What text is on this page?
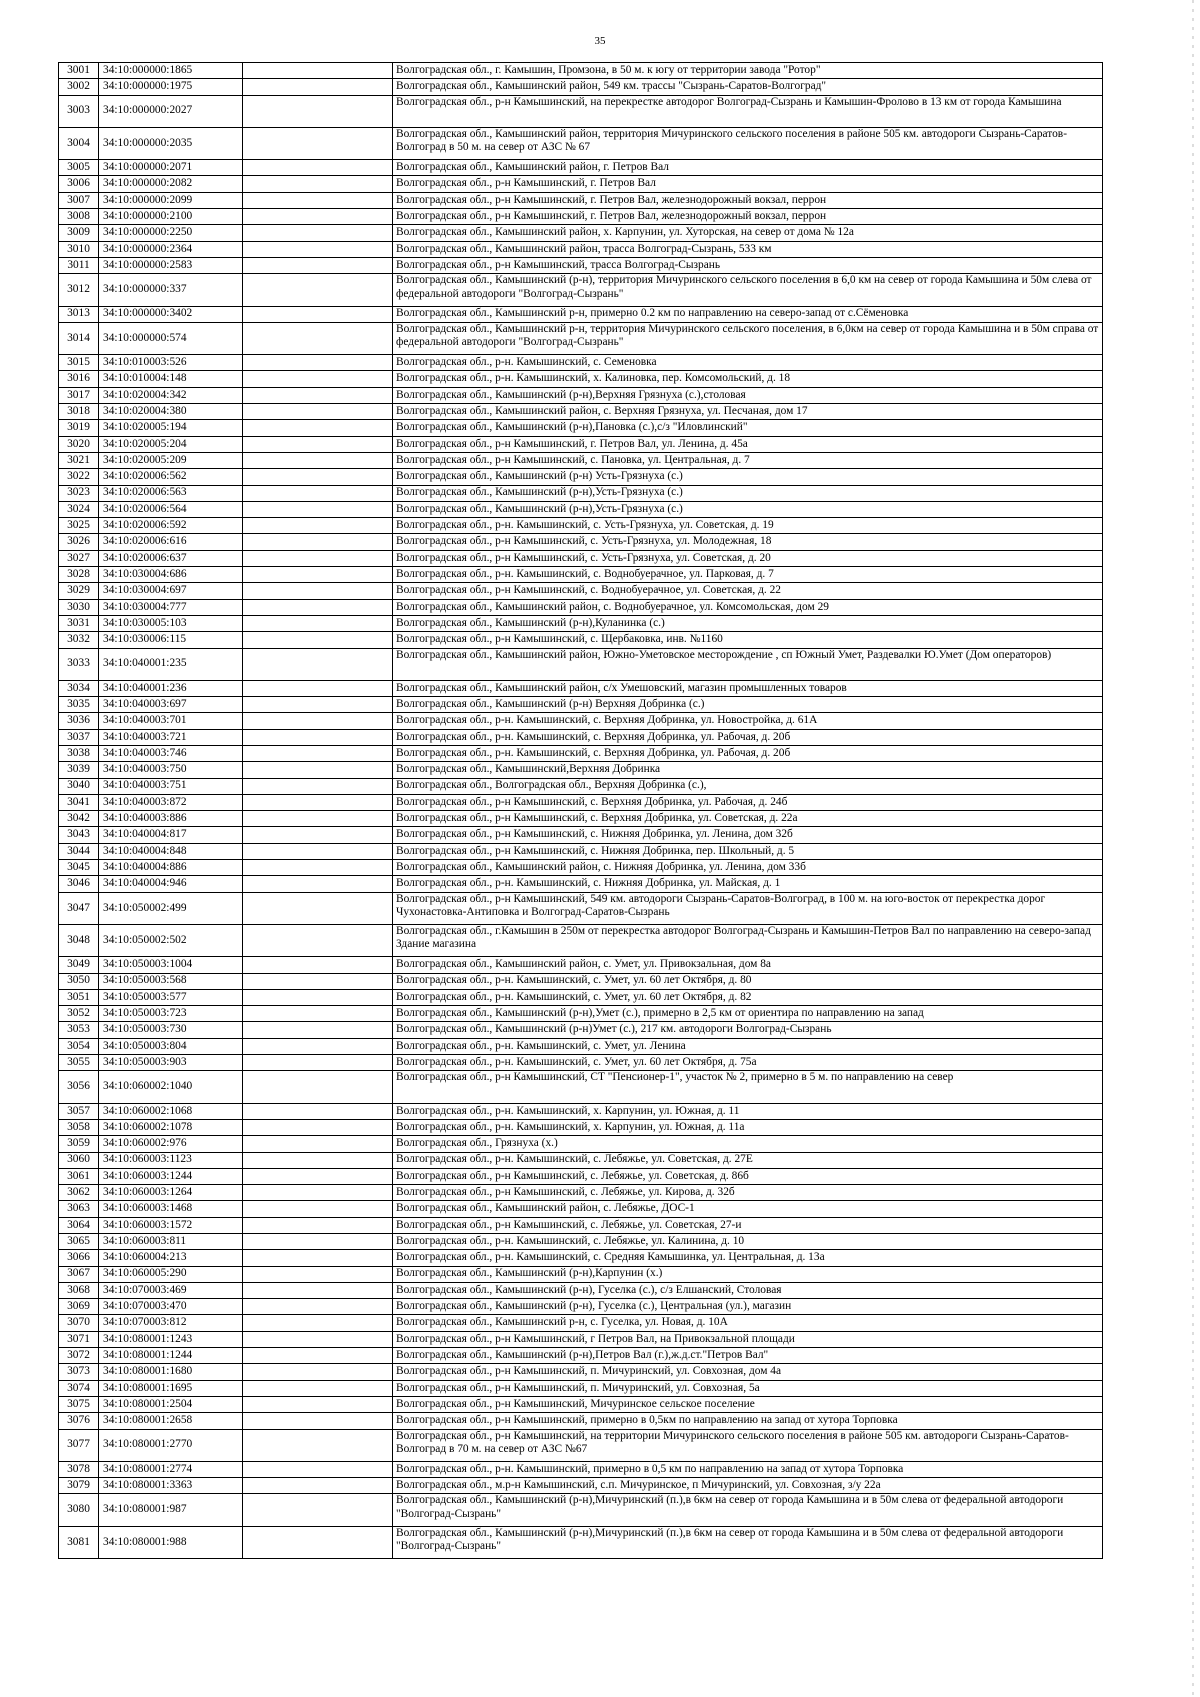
35
3001	34:10:000000:1865		Волгоградская обл., г. Камышин, Промзона, в 50 м. к югу от территории завода "Ротор"
3002	34:10:000000:1975		Волгоградская обл., Камышинский район, 549 км. трассы "Сызрань-Саратов-Волгоград"
3003	34:10:000000:2027		Волгоградская обл., р-н Камышинский, на перекрестке автодорог Волгоград-Сызрань и Камышин-Фролово в 13 км от города Камышина
3004	34:10:000000:2035		Волгоградская обл., Камышинский район, территория Мичуринского сельского поселения в районе 505 км. автодороги Сызрань-Саратов-Волгоград в 50 м. на север от АЗС № 67
3005	34:10:000000:2071		Волгоградская обл., Камышинский район, г. Петров Вал
3006	34:10:000000:2082		Волгоградская обл., р-н Камышинский, г. Петров Вал
3007	34:10:000000:2099		Волгоградская обл., р-н Камышинский, г. Петров Вал, железнодорожный вокзал, перрон
3008	34:10:000000:2100		Волгоградская обл., р-н Камышинский, г. Петров Вал, железнодорожный вокзал, перрон
3009	34:10:000000:2250		Волгоградская обл., Камышинский район, х. Карпунин, ул. Хуторская, на север от дома № 12а
3010	34:10:000000:2364		Волгоградская обл., Камышинский район, трасса Волгоград-Сызрань, 533 км
3011	34:10:000000:2583		Волгоградская обл., р-н Камышинский, трасса Волгоград-Сызрань
3012	34:10:000000:337		Волгоградская обл., Камышинский (р-н), территория Мичуринского сельского поселения в 6,0 км на север от города Камышина и 50м слева от федеральной автодороги "Волгоград-Сызрань"
3013	34:10:000000:3402		Волгоградская обл., Камышинский р-н, примерно 0.2 км по направлению на северо-запад от с.Сёменовка
3014	34:10:000000:574		Волгоградская обл., Камышинский р-н, территория Мичуринского сельского поселения, в 6,0км на север от города Камышина и в 50м справа от федеральной автодороги "Волгоград-Сызрань"
3015	34:10:010003:526		Волгоградская обл., р-н. Камышинский, с. Семеновка
3016	34:10:010004:148		Волгоградская обл., р-н. Камышинский, х. Калиновка, пер. Комсомольский, д. 18
3017	34:10:020004:342		Волгоградская обл., Камышинский (р-н),Верхняя Грязнуха (с.),столовая
3018	34:10:020004:380		Волгоградская обл., Камышинский район, с. Верхняя Грязнуха, ул. Песчаная, дом 17
3019	34:10:020005:194		Волгоградская обл., Камышинский (р-н),Пановка (с.),с/з "Иловлинский"
3020	34:10:020005:204		Волгоградская обл., р-н Камышинский, г. Петров Вал, ул. Ленина, д. 45а
3021	34:10:020005:209		Волгоградская обл., р-н Камышинский, с. Пановка, ул. Центральная, д. 7
3022	34:10:020006:562		Волгоградская обл., Камышинский (р-н) Усть-Грязнуха (с.)
3023	34:10:020006:563		Волгоградская обл., Камышинский (р-н),Усть-Грязнуха (с.)
3024	34:10:020006:564		Волгоградская обл., Камышинский (р-н),Усть-Грязнуха (с.)
3025	34:10:020006:592		Волгоградская обл., р-н. Камышинский, с. Усть-Грязнуха, ул. Советская, д. 19
3026	34:10:020006:616		Волгоградская обл., р-н Камышинский, с. Усть-Грязнуха, ул. Молодежная, 18
3027	34:10:020006:637		Волгоградская обл., р-н Камышинский, с. Усть-Грязнуха, ул. Советская, д. 20
3028	34:10:030004:686		Волгоградская обл., р-н. Камышинский, с. Воднобуерачное, ул. Парковая, д. 7
3029	34:10:030004:697		Волгоградская обл., р-н Камышинский, с. Воднобуерачное, ул. Советская, д. 22
3030	34:10:030004:777		Волгоградская обл., Камышинский район, с. Воднобуерачное, ул. Комсомольская, дом 29
3031	34:10:030005:103		Волгоградская обл., Камышинский (р-н),Куланинка (с.)
3032	34:10:030006:115		Волгоградская обл., р-н Камышинский, с. Щербаковка, инв. №1160
3033	34:10:040001:235		Волгоградская обл., Камышинский район, Южно-Уметовское месторождение , сп Южный Умет, Раздевалки Ю.Умет (Дом операторов)
3034	34:10:040001:236		Волгоградская обл., Камышинский район, с/х Умешовский, магазин промышленных товаров
3035	34:10:040003:697		Волгоградская обл., Камышинский (р-н) Верхняя Добринка (с.)
3036	34:10:040003:701		Волгоградская обл., р-н. Камышинский, с. Верхняя Добринка, ул. Новостройка, д. 61А
3037	34:10:040003:721		Волгоградская обл., р-н. Камышинский, с. Верхняя Добринка, ул. Рабочая, д. 20б
3038	34:10:040003:746		Волгоградская обл., р-н. Камышинский, с. Верхняя Добринка, ул. Рабочая, д. 20б
3039	34:10:040003:750		Волгоградская обл., Камышинский,Верхняя Добринка
3040	34:10:040003:751		Волгоградская обл., Волгоградская обл., Верхняя Добринка (с.),
3041	34:10:040003:872		Волгоградская обл., р-н Камышинский, с. Верхняя Добринка, ул. Рабочая, д. 24б
3042	34:10:040003:886		Волгоградская обл., р-н Камышинский, с. Верхняя Добринка, ул. Советская, д. 22а
3043	34:10:040004:817		Волгоградская обл., р-н Камышинский, с. Нижняя Добринка, ул. Ленина, дом 32б
3044	34:10:040004:848		Волгоградская обл., р-н Камышинский, с. Нижняя Добринка, пер. Школьный, д. 5
3045	34:10:040004:886		Волгоградская обл., Камышинский район, с. Нижняя Добринка, ул. Ленина, дом 33б
3046	34:10:040004:946		Волгоградская обл., р-н. Камышинский, с. Нижняя Добринка, ул. Майская, д. 1
3047	34:10:050002:499		Волгоградская обл., р-н Камышинский, 549 км. автодороги Сызрань-Саратов-Волгоград, в 100 м. на юго-восток от перекрестка дорог Чухонастовка-Антиповка и Волгоград-Саратов-Сызрань
3048	34:10:050002:502		Волгоградская обл., г.Камышин в 250м от перекрестка автодорог Волгоград-Сызрань и Камышин-Петров Вал по направлению на северо-запад Здание магазина
3049	34:10:050003:1004		Волгоградская обл., Камышинский район, с. Умет, ул. Привокзальная, дом 8а
3050	34:10:050003:568		Волгоградская обл., р-н. Камышинский, с. Умет, ул. 60 лет Октября, д. 80
3051	34:10:050003:577		Волгоградская обл., р-н. Камышинский, с. Умет, ул. 60 лет Октября, д. 82
3052	34:10:050003:723		Волгоградская обл., Камышинский (р-н),Умет (с.), примерно в 2,5 км от ориентира по направлению на запад
3053	34:10:050003:730		Волгоградская обл., Камышинский (р-н)Умет (с.), 217 км. автодороги Волгоград-Сызрань
3054	34:10:050003:804		Волгоградская обл., р-н. Камышинский, с. Умет, ул. Ленина
3055	34:10:050003:903		Волгоградская обл., р-н. Камышинский, с. Умет, ул. 60 лет Октября, д. 75а
3056	34:10:060002:1040		Волгоградская обл., р-н Камышинский, СТ "Пенсионер-1", участок № 2, примерно в 5 м. по направлению на север
3057	34:10:060002:1068		Волгоградская обл., р-н. Камышинский, х. Карпунин, ул. Южная, д. 11
3058	34:10:060002:1078		Волгоградская обл., р-н. Камышинский, х. Карпунин, ул. Южная, д. 11а
3059	34:10:060002:976		Волгоградская обл., Грязнуха (х.)
3060	34:10:060003:1123		Волгоградская обл., р-н. Камышинский, с. Лебяжье, ул. Советская, д. 27Е
3061	34:10:060003:1244		Волгоградская обл., р-н Камышинский, с. Лебяжье, ул. Советская, д. 86б
3062	34:10:060003:1264		Волгоградская обл., р-н Камышинский, с. Лебяжье, ул. Кирова, д. 32б
3063	34:10:060003:1468		Волгоградская обл., Камышинский район, с. Лебяжье, ДОС-1
3064	34:10:060003:1572		Волгоградская обл., р-н Камышинский, с. Лебяжье, ул. Советская, 27-и
3065	34:10:060003:811		Волгоградская обл., р-н. Камышинский, с. Лебяжье, ул. Калинина, д. 10
3066	34:10:060004:213		Волгоградская обл., р-н. Камышинский, с. Средняя Камышинка, ул. Центральная, д. 13а
3067	34:10:060005:290		Волгоградская обл., Камышинский (р-н),Карпунин (х.)
3068	34:10:070003:469		Волгоградская обл., Камышинский (р-н), Гуселка (с.), с/з Елшанский, Столовая
3069	34:10:070003:470		Волгоградская обл., Камышинский (р-н), Гуселка (с.), Центральная (ул.), магазин
3070	34:10:070003:812		Волгоградская обл., Камышинский р-н, с. Гуселка, ул. Новая, д. 10А
3071	34:10:080001:1243		Волгоградская обл., р-н Камышинский, г Петров Вал, на Привокзальной площади
3072	34:10:080001:1244		Волгоградская обл., Камышинский (р-н),Петров Вал (г.),ж.д.ст."Петров Вал"
3073	34:10:080001:1680		Волгоградская обл., р-н Камышинский, п. Мичуринский, ул. Совхозная, дом 4а
3074	34:10:080001:1695		Волгоградская обл., р-н Камышинский, п. Мичуринский, ул. Совхозная, 5а
3075	34:10:080001:2504		Волгоградская обл., р-н Камышинский, Мичуринское сельское поселение
3076	34:10:080001:2658		Волгоградская обл., р-н Камышинский, примерно в 0,5км по направлению на запад от хутора Торповка
3077	34:10:080001:2770		Волгоградская обл., р-н Камышинский, на территории Мичуринского сельского поселения в районе 505 км. автодороги Сызрань-Саратов-Волгоград в 70 м. на север от АЗС №67
3078	34:10:080001:2774		Волгоградская обл., р-н. Камышинский, примерно в 0,5 км по направлению на запад от хутора Торповка
3079	34:10:080001:3363		Волгоградская обл., м.р-н Камышинский, с.п. Мичуринское, п Мичуринский, ул. Совхозная, з/у 22а
3080	34:10:080001:987		Волгоградская обл., Камышинский (р-н),Мичуринский (п.),в 6км на север от города Камышина и в 50м слева от федеральной автодороги "Волгоград-Сызрань"
3081	34:10:080001:988		Волгоградская обл., Камышинский (р-н),Мичуринский (п.),в 6км на север от города Камышина и в 50м слева от федеральной автодороги "Волгоград-Сызрань"
